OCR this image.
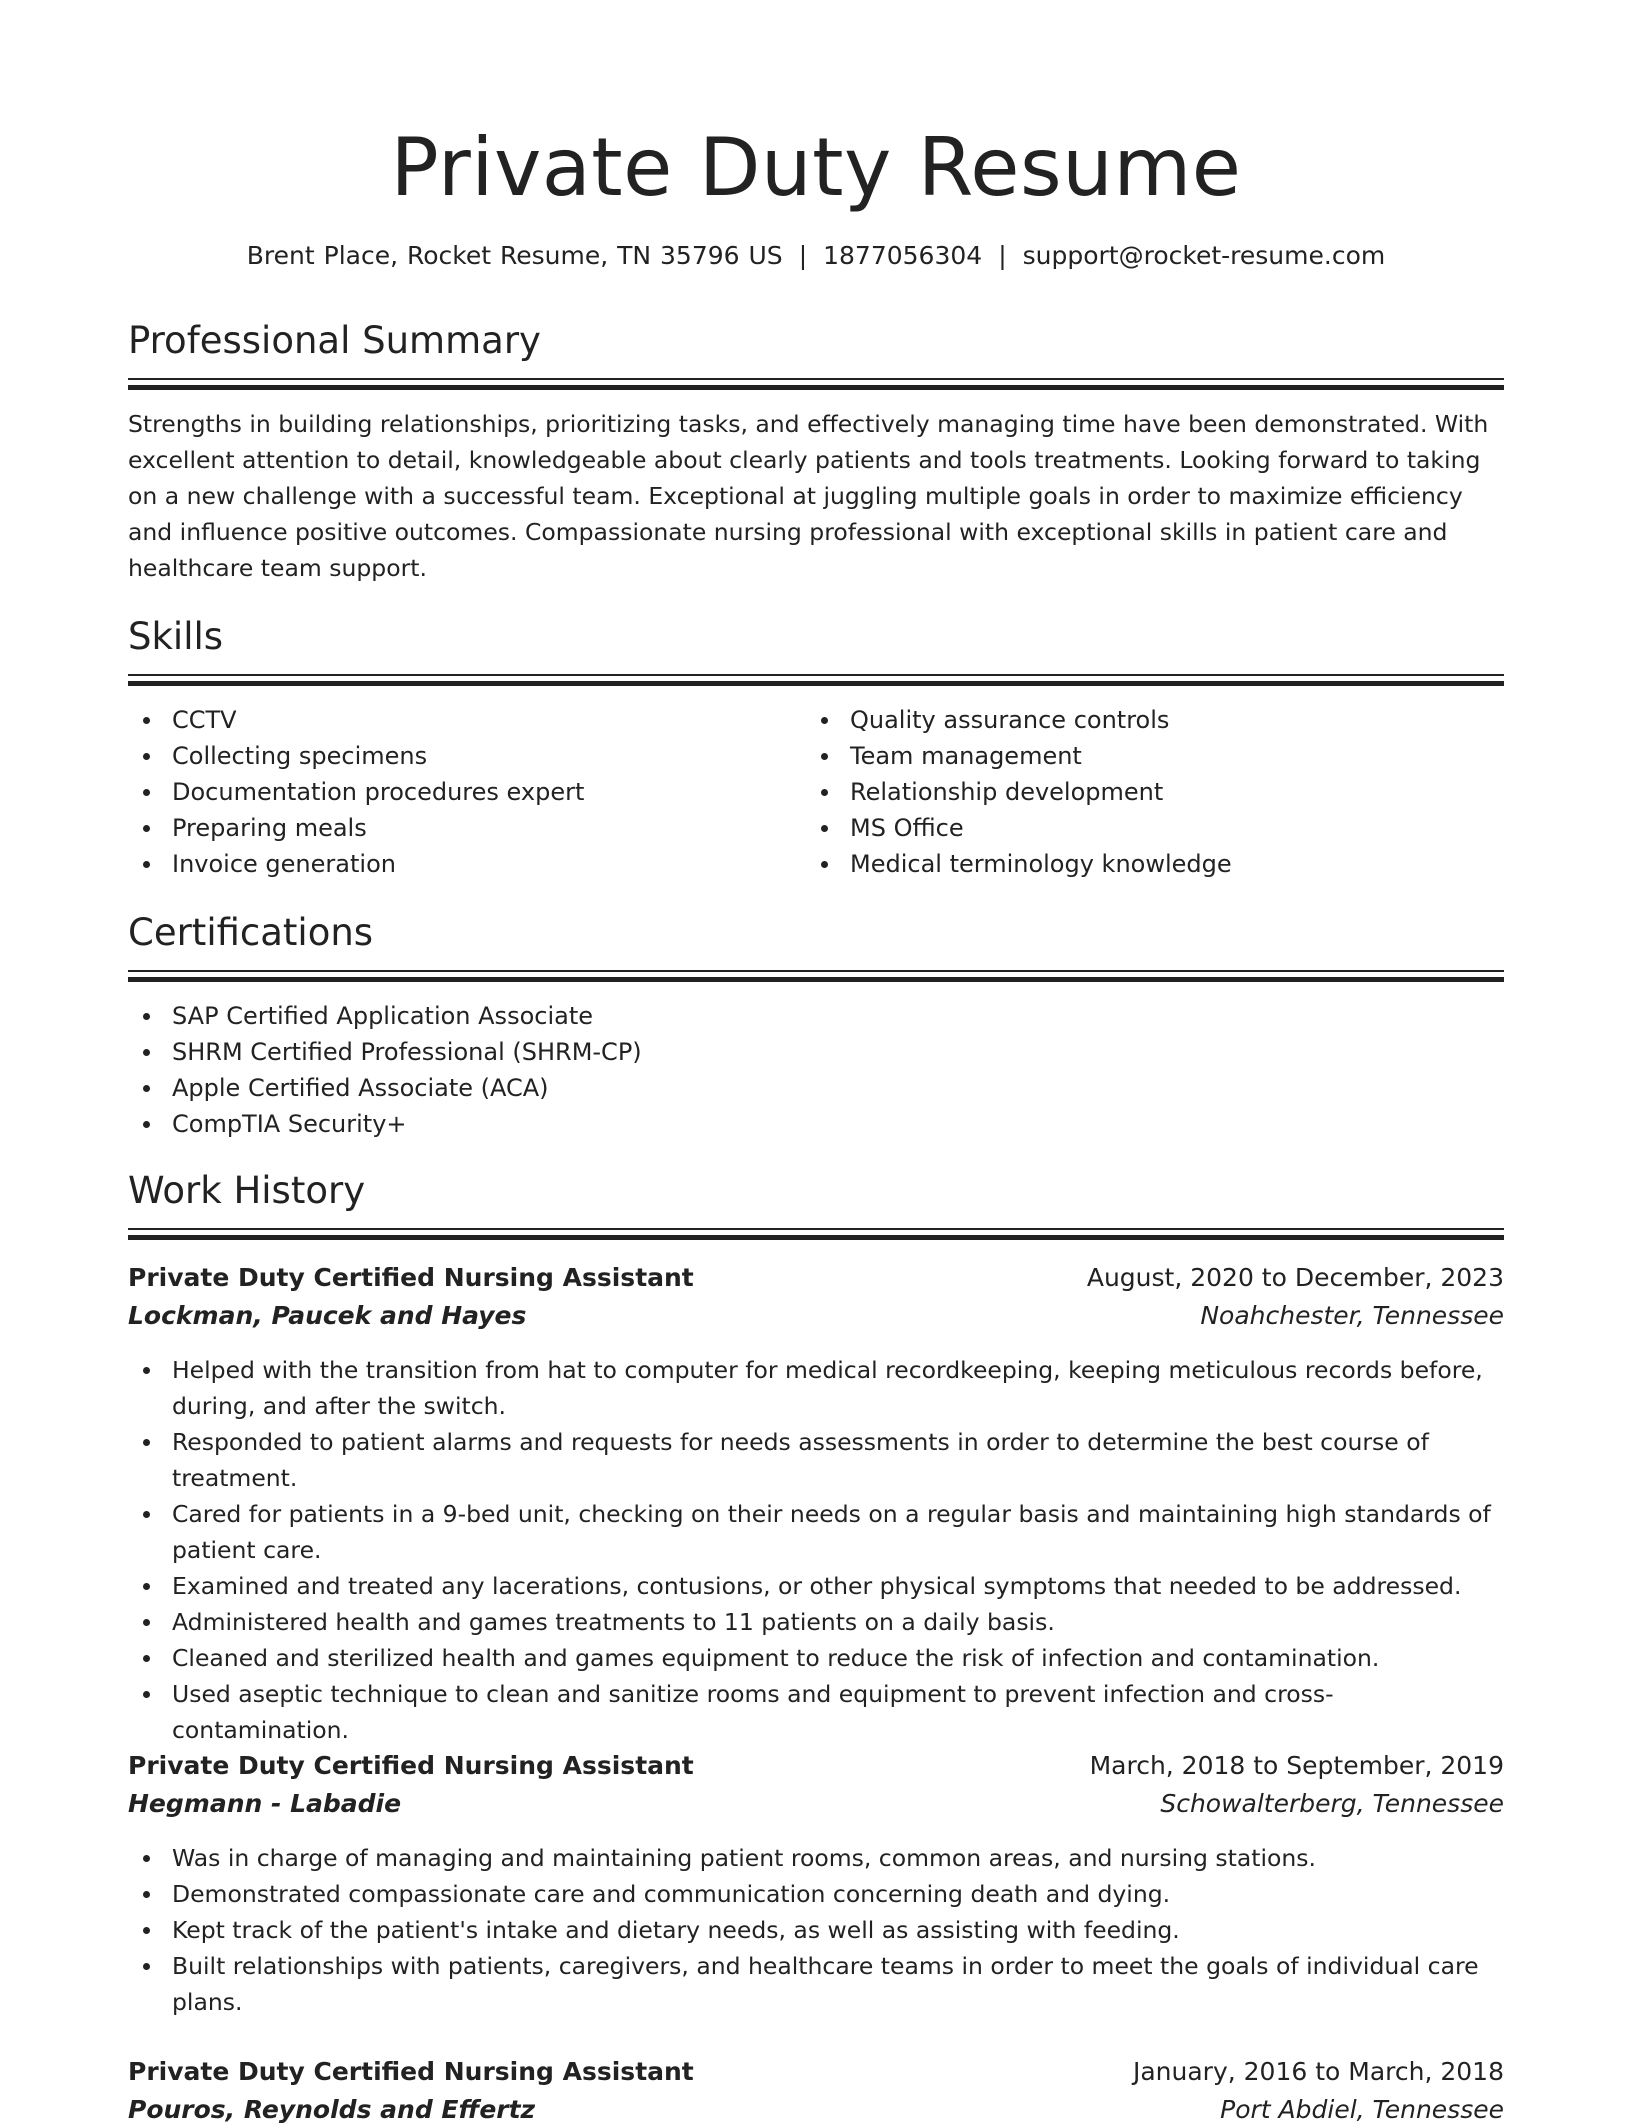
Private Duty Resume
Brent Place, Rocket Resume, TN 35796 US | 1877056304 | support@rocket-resume.com
Professional Summary

Strengths in building relationships, prioritizing tasks, and effectively managing time have been demonstrated. With excellent attention to detail, knowledgeable about clearly patients and tools treatments. Looking forward to taking on a new challenge with a successful team. Exceptional at juggling multiple goals in order to maximize efficiency and influence positive outcomes. Compassionate nursing professional with exceptional skills in patient care and healthcare team support.

Skills
CCTV
Collecting specimens
Documentation procedures expert
Preparing meals
Invoice generation
Quality assurance controls
Team management
Relationship development
MS Office
Medical terminology knowledge
Certifications
SAP Certified Application Associate
SHRM Certified Professional (SHRM-CP)
Apple Certified Associate (ACA)
CompTIA Security+
Work History
Private Duty Certified Nursing Assistant	August, 2020 to December, 2023
Lockman, Paucek and Hayes	Noahchester, Tennessee
Helped with the transition from hat to computer for medical recordkeeping, keeping meticulous records before, during, and after the switch.
Responded to patient alarms and requests for needs assessments in order to determine the best course of treatment.
Cared for patients in a 9-bed unit, checking on their needs on a regular basis and maintaining high standards of patient care.
Examined and treated any lacerations, contusions, or other physical symptoms that needed to be addressed.
Administered health and games treatments to 11 patients on a daily basis.
Cleaned and sterilized health and games equipment to reduce the risk of infection and contamination.
Used aseptic technique to clean and sanitize rooms and equipment to prevent infection and cross-contamination.
Private Duty Certified Nursing Assistant	March, 2018 to September, 2019
Hegmann - Labadie	Schowalterberg, Tennessee
Was in charge of managing and maintaining patient rooms, common areas, and nursing stations.
Demonstrated compassionate care and communication concerning death and dying.
Kept track of the patient's intake and dietary needs, as well as assisting with feeding.
Built relationships with patients, caregivers, and healthcare teams in order to meet the goals of individual care plans.
Private Duty Certified Nursing Assistant	January, 2016 to March, 2018
Pouros, Reynolds and Effertz	Port Abdiel, Tennessee
